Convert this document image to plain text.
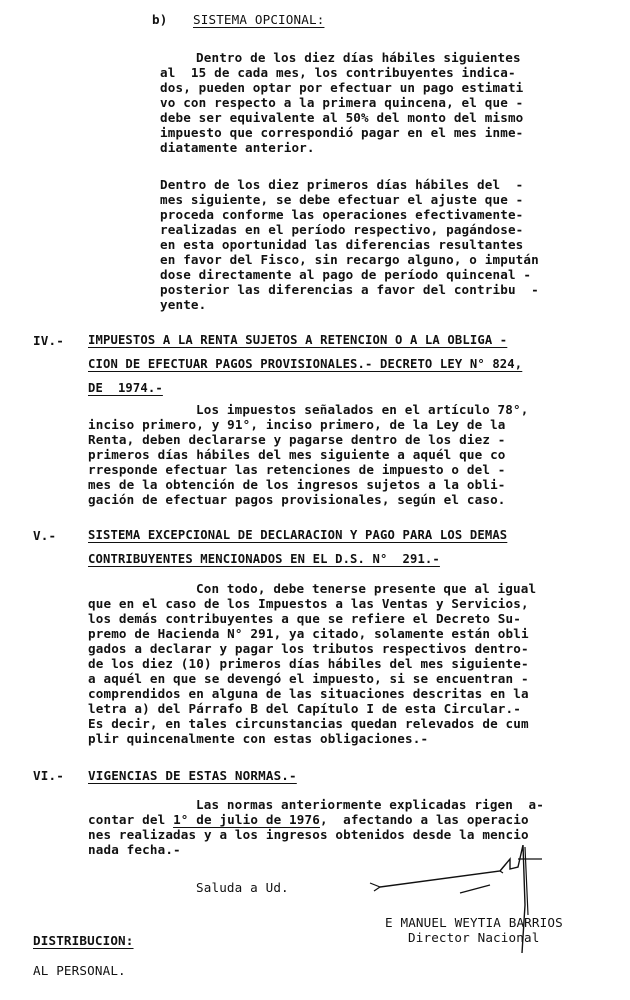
b) SISTEMA OPCIONAL:
Dentro de los diez días hábiles siguientes
al  15 de cada mes, los contribuyentes indica-
dos, pueden optar por efectuar un pago estimati
vo con respecto a la primera quincena, el que -
debe ser equivalente al 50% del monto del mismo
impuesto que correspondió pagar en el mes inme-
diatamente anterior.
Dentro de los diez primeros días hábiles del  -
mes siguiente, se debe efectuar el ajuste que -
proceda conforme las operaciones efectivamente-
realizadas en el período respectivo, pagándose-
en esta oportunidad las diferencias resultantes
en favor del Fisco, sin recargo alguno, o impután
dose directamente al pago de período quincenal -
posterior las diferencias a favor del contribu  -
yente.
IV.- IMPUESTOS A LA RENTA SUJETOS A RETENCION O A LA OBLIGA -
CION DE EFECTUAR PAGOS PROVISIONALES.- DECRETO LEY N° 824,
DE  1974.-
Los impuestos señalados en el artículo 78°,
inciso primero, y 91°, inciso primero, de la Ley de la
Renta, deben declararse y pagarse dentro de los diez -
primeros días hábiles del mes siguiente a aquél que co
rresponde efectuar las retenciones de impuesto o del -
mes de la obtención de los ingresos sujetos a la obli-
gación de efectuar pagos provisionales, según el caso.
V.-	SISTEMA EXCEPCIONAL DE DECLARACION Y PAGO PARA LOS DEMAS
CONTRIBUYENTES MENCIONADOS EN EL D.S. N°  291.-
Con todo, debe tenerse presente que al igual
que en el caso de los Impuestos a las Ventas y Servicios,
los demás contribuyentes a que se refiere el Decreto Su-
premo de Hacienda N° 291, ya citado, solamente están obli
gados a declarar y pagar los tributos respectivos dentro-
de los diez (10) primeros días hábiles del mes siguiente-
a aquél en que se devengó el impuesto, si se encuentran -
comprendidos en alguna de las situaciones descritas en la
letra a) del Párrafo B del Capítulo I de esta Circular.-
Es decir, en tales circunstancias quedan relevados de cum
plir quincenalmente con estas obligaciones.-
VI.- VIGENCIAS DE ESTAS NORMAS.-
Las normas anteriormente explicadas rigen  a-
contar del 1° de julio de 1976,  afectando a las operacio
nes realizadas y a los ingresos obtenidos desde la mencio
nada fecha.-
Saluda a Ud.
E MANUEL WEYTIA BARRIOS
Director Nacional
DISTRIBUCION:
AL PERSONAL.
